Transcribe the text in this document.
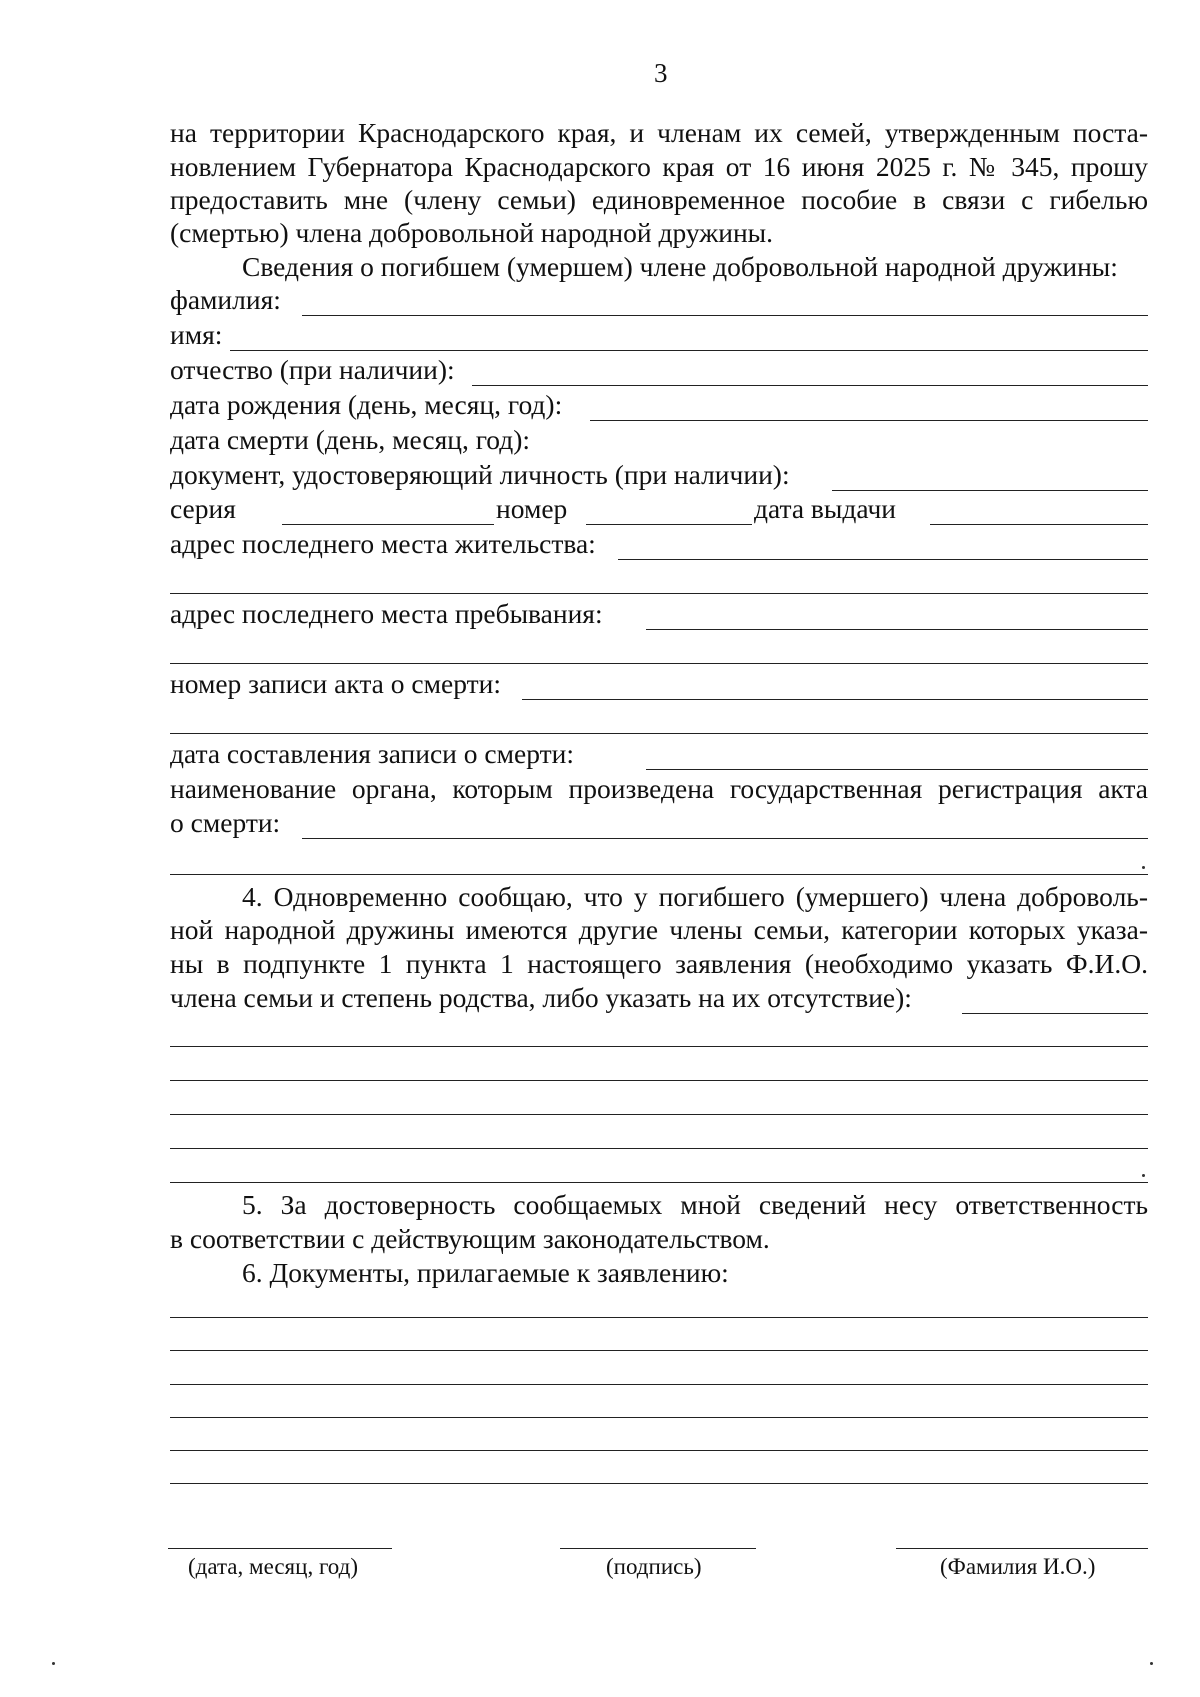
3
на территории Краснодарского края, и членам их семей, утвержденным поста-
новлением Губернатора Краснодарского края от 16 июня 2025 г. № 345, прошу
предоставить мне (члену семьи) единовременное пособие в связи с гибелью
(смертью) члена добровольной народной дружины.
Сведения о погибшем (умершем) члене добровольной народной дружины:
фамилия:
имя:
отчество (при наличии):
дата рождения (день, месяц, год):
дата смерти (день, месяц, год):
документ, удостоверяющий личность (при наличии):
серия	номер	дата выдачи
адрес последнего места жительства:
адрес последнего места пребывания:
номер записи акта о смерти:
дата составления записи о смерти:
наименование органа, которым произведена государственная регистрация акта
о смерти:
4. Одновременно сообщаю, что у погибшего (умершего) члена доброволь-
ной народной дружины имеются другие члены семьи, категории которых указа-
ны в подпункте 1 пункта 1 настоящего заявления (необходимо указать Ф.И.О.
члена семьи и степень родства, либо указать на их отсутствие):
5. За достоверность сообщаемых мной сведений несу ответственность
в соответствии с действующим законодательством.
6. Документы, прилагаемые к заявлению:
(дата, месяц, год)	(подпись)	(Фамилия И.О.)
